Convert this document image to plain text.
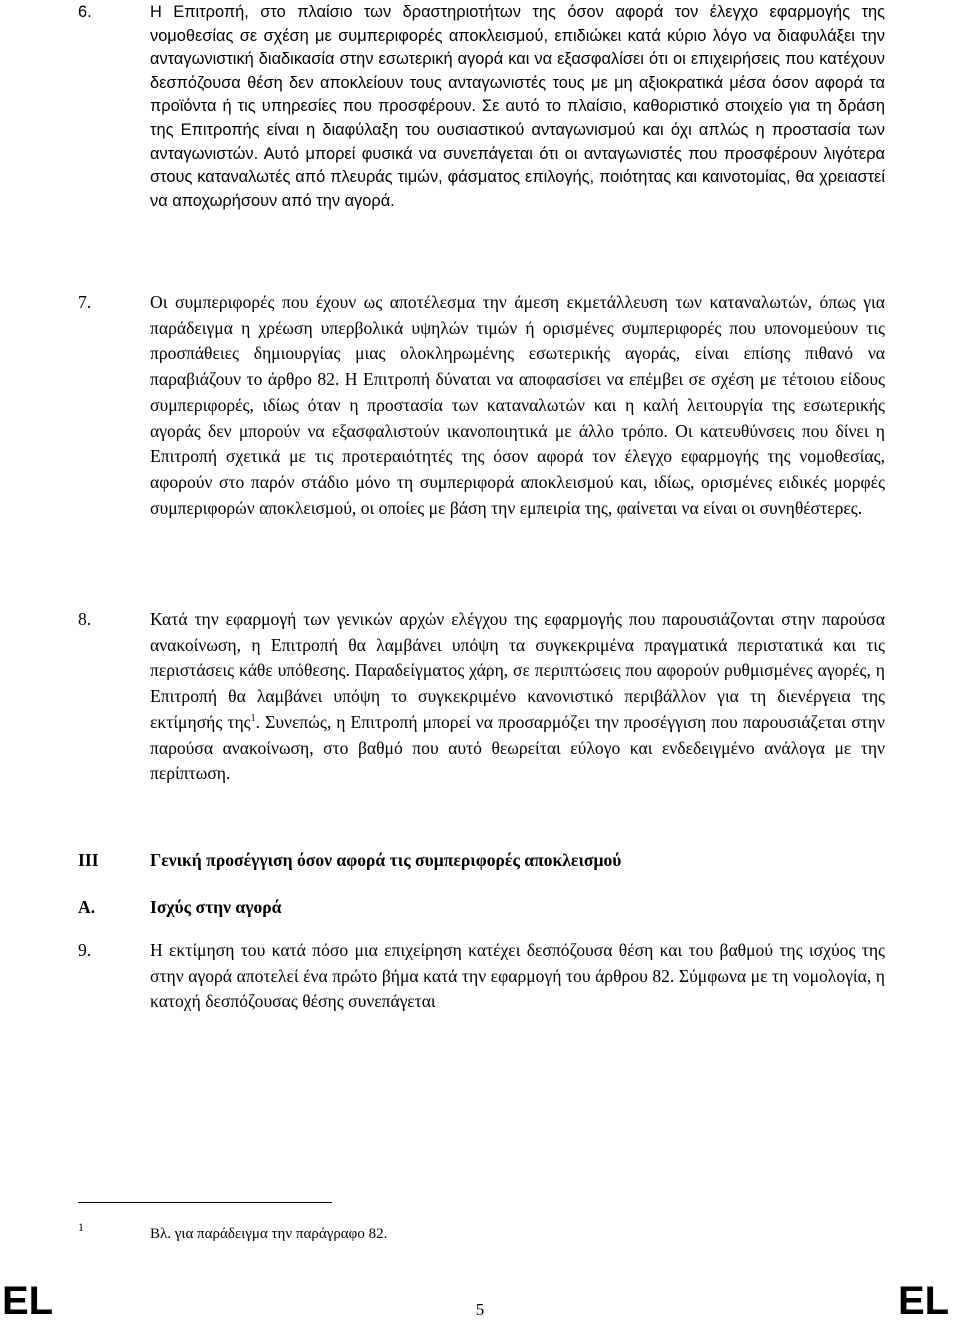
6.	Η Επιτροπή, στο πλαίσιο των δραστηριοτήτων της όσον αφορά τον έλεγχο εφαρμογής της νομοθεσίας σε σχέση με συμπεριφορές αποκλεισμού, επιδιώκει κατά κύριο λόγο να διαφυλάξει την ανταγωνιστική διαδικασία στην εσωτερική αγορά και να εξασφαλίσει ότι οι επιχειρήσεις που κατέχουν δεσπόζουσα θέση δεν αποκλείουν τους ανταγωνιστές τους με μη αξιοκρατικά μέσα όσον αφορά τα προϊόντα ή τις υπηρεσίες που προσφέρουν. Σε αυτό το πλαίσιο, καθοριστικό στοιχείο για τη δράση της Επιτροπής είναι η διαφύλαξη του ουσιαστικού ανταγωνισμού και όχι απλώς η προστασία των ανταγωνιστών. Αυτό μπορεί φυσικά να συνεπάγεται ότι οι ανταγωνιστές που προσφέρουν λιγότερα στους καταναλωτές από πλευράς τιμών, φάσματος επιλογής, ποιότητας και καινοτομίας, θα χρειαστεί να αποχωρήσουν από την αγορά.
7.	Οι συμπεριφορές που έχουν ως αποτέλεσμα την άμεση εκμετάλλευση των καταναλωτών, όπως για παράδειγμα η χρέωση υπερβολικά υψηλών τιμών ή ορισμένες συμπεριφορές που υπονομεύουν τις προσπάθειες δημιουργίας μιας ολοκληρωμένης εσωτερικής αγοράς, είναι επίσης πιθανό να παραβιάζουν το άρθρο 82. Η Επιτροπή δύναται να αποφασίσει να επέμβει σε σχέση με τέτοιου είδους συμπεριφορές, ιδίως όταν η προστασία των καταναλωτών και η καλή λειτουργία της εσωτερικής αγοράς δεν μπορούν να εξασφαλιστούν ικανοποιητικά με άλλο τρόπο. Οι κατευθύνσεις που δίνει η Επιτροπή σχετικά με τις προτεραιότητές της όσον αφορά τον έλεγχο εφαρμογής της νομοθεσίας, αφορούν στο παρόν στάδιο μόνο τη συμπεριφορά αποκλεισμού και, ιδίως, ορισμένες ειδικές μορφές συμπεριφορών αποκλεισμού, οι οποίες με βάση την εμπειρία της, φαίνεται να είναι οι συνηθέστερες.
8.	Κατά την εφαρμογή των γενικών αρχών ελέγχου της εφαρμογής που παρουσιάζονται στην παρούσα ανακοίνωση, η Επιτροπή θα λαμβάνει υπόψη τα συγκεκριμένα πραγματικά περιστατικά και τις περιστάσεις κάθε υπόθεσης. Παραδείγματος χάρη, σε περιπτώσεις που αφορούν ρυθμισμένες αγορές, η Επιτροπή θα λαμβάνει υπόψη το συγκεκριμένο κανονιστικό περιβάλλον για τη διενέργεια της εκτίμησής της$^1$. Συνεπώς, η Επιτροπή μπορεί να προσαρμόζει την προσέγγιση που παρουσιάζεται στην παρούσα ανακοίνωση, στο βαθμό που αυτό θεωρείται εύλογο και ενδεδειγμένο ανάλογα με την περίπτωση.
III	Γενική προσέγγιση όσον αφορά τις συμπεριφορές αποκλεισμού
A.	Ισχύς στην αγορά
9.	Η εκτίμηση του κατά πόσο μια επιχείρηση κατέχει δεσπόζουσα θέση και του βαθμού της ισχύος της στην αγορά αποτελεί ένα πρώτο βήμα κατά την εφαρμογή του άρθρου 82. Σύμφωνα με τη νομολογία, η κατοχή δεσπόζουσας θέσης συνεπάγεται
1	Βλ. για παράδειγμα την παράγραφο 82.
EL	5	EL
